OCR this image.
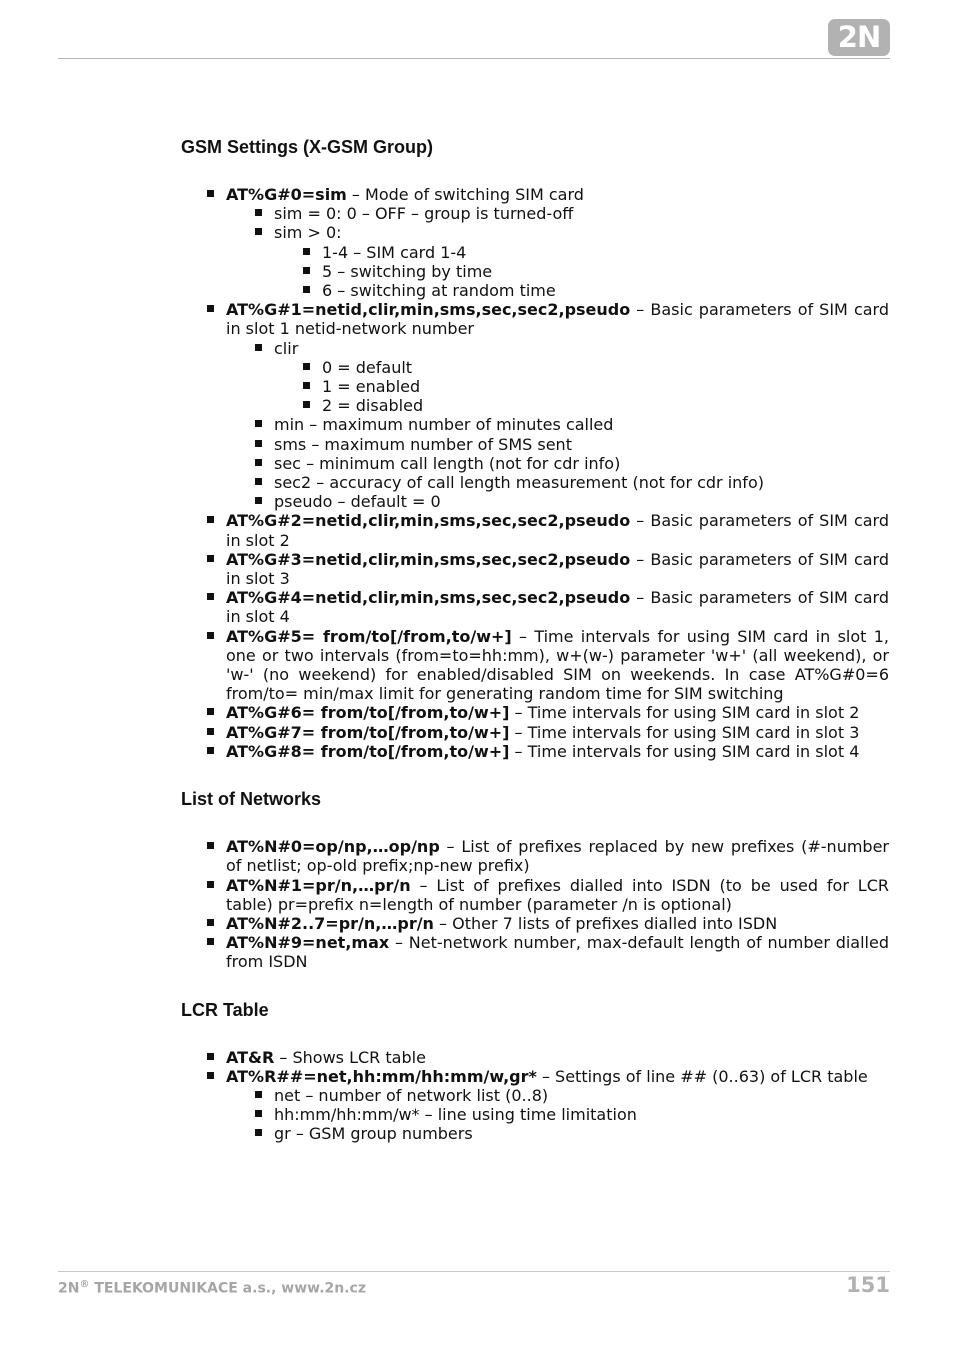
2N
GSM Settings (X-GSM Group)
AT%G#0=sim – Mode of switching SIM card
sim = 0: 0 – OFF – group is turned-off
sim > 0:
1-4 – SIM card 1-4
5 – switching by time
6 – switching at random time
AT%G#1=netid,clir,min,sms,sec,sec2,pseudo – Basic parameters of SIM card in slot 1 netid-network number
clir
0 = default
1 = enabled
2 = disabled
min – maximum number of minutes called
sms – maximum number of SMS sent
sec – minimum call length (not for cdr info)
sec2 – accuracy of call length measurement (not for cdr info)
pseudo – default = 0
AT%G#2=netid,clir,min,sms,sec,sec2,pseudo – Basic parameters of SIM card in slot 2
AT%G#3=netid,clir,min,sms,sec,sec2,pseudo – Basic parameters of SIM card in slot 3
AT%G#4=netid,clir,min,sms,sec,sec2,pseudo – Basic parameters of SIM card in slot 4
AT%G#5= from/to[/from,to/w+] – Time intervals for using SIM card in slot 1, one or two intervals (from=to=hh:mm), w+(w-) parameter 'w+' (all weekend), or 'w-' (no weekend) for enabled/disabled SIM on weekends. In case AT%G#0=6 from/to= min/max limit for generating random time for SIM switching
AT%G#6= from/to[/from,to/w+] – Time intervals for using SIM card in slot 2
AT%G#7= from/to[/from,to/w+] – Time intervals for using SIM card in slot 3
AT%G#8= from/to[/from,to/w+] – Time intervals for using SIM card in slot 4
List of Networks
AT%N#0=op/np,…op/np – List of prefixes replaced by new prefixes (#-number of netlist; op-old prefix;np-new prefix)
AT%N#1=pr/n,…pr/n – List of prefixes dialled into ISDN (to be used for LCR table) pr=prefix n=length of number (parameter /n is optional)
AT%N#2..7=pr/n,…pr/n – Other 7 lists of prefixes dialled into ISDN
AT%N#9=net,max – Net-network number, max-default length of number dialled from ISDN
LCR Table
AT&R – Shows LCR table
AT%R##=net,hh:mm/hh:mm/w,gr* – Settings of line ## (0..63) of LCR table
net – number of network list (0..8)
hh:mm/hh:mm/w* – line using time limitation
gr – GSM group numbers
2N® TELEKOMUNIKACE a.s., www.2n.cz	151
